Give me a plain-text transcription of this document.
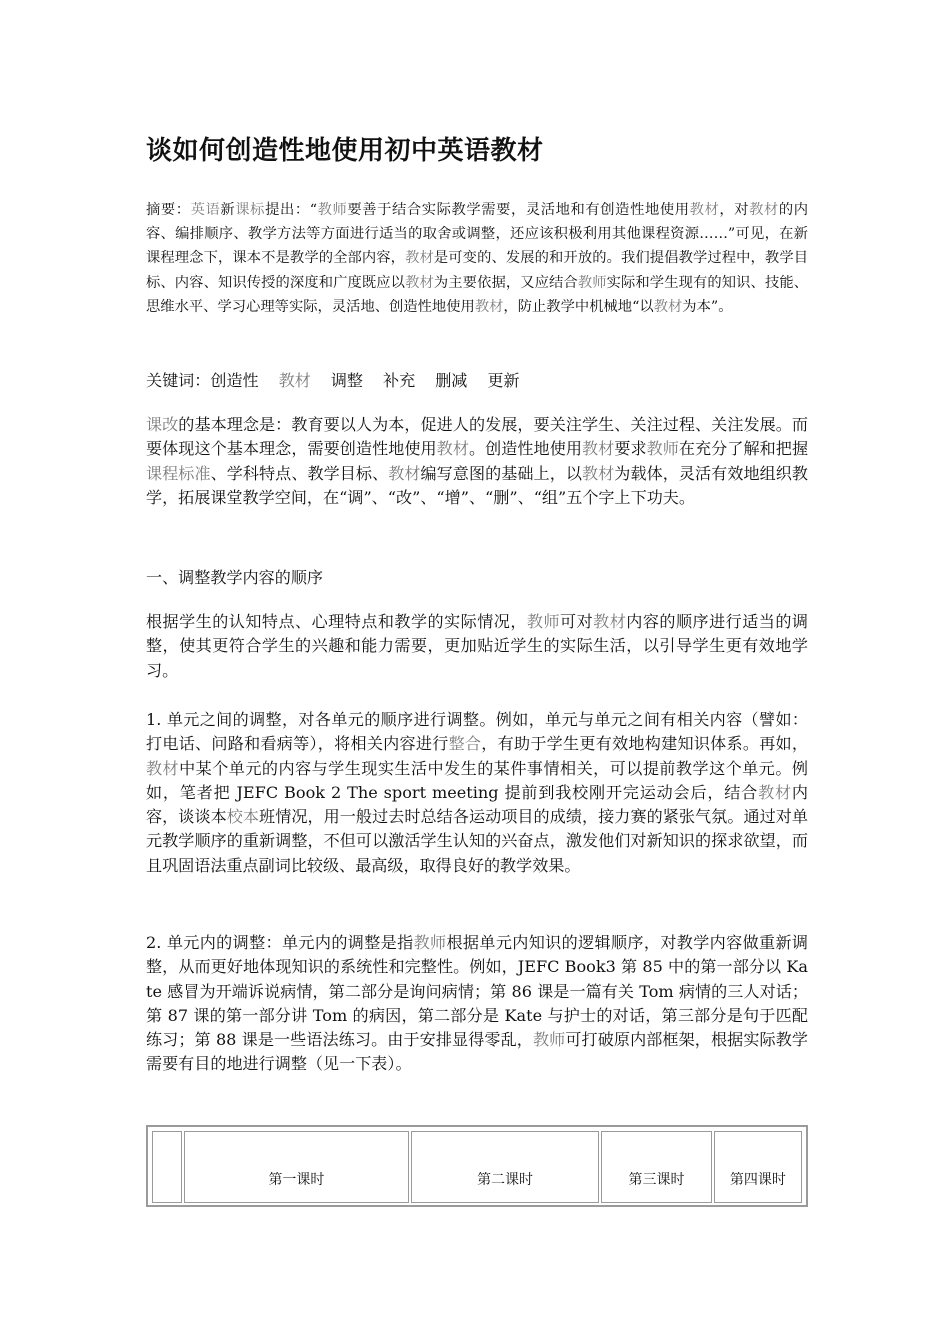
谈如何创造性地使用初中英语教材

摘要：英语新课标提出：“教师要善于结合实际教学需要，灵活地和有创造性地使用教材，对教材的内容、编排顺序、教学方法等方面进行适当的取舍或调整，还应该积极利用其他课程资源……”可见，在新课程理念下，课本不是教学的全部内容，教材是可变的、发展的和开放的。我们提倡教学过程中，教学目标、内容、知识传授的深度和广度既应以教材为主要依据，又应结合教师实际和学生现有的知识、技能、思维水平、学习心理等实际，灵活地、创造性地使用教材，防止教学中机械地“以教材为本”。

关键词：创造性 教材 调整 补充 删减 更新

课改的基本理念是：教育要以人为本，促进人的发展，要关注学生、关注过程、关注发展。而要体现这个基本理念，需要创造性地使用教材。创造性地使用教材要求教师在充分了解和把握课程标准、学科特点、教学目标、教材编写意图的基础上，以教材为载体，灵活有效地组织教学，拓展课堂教学空间，在“调”、“改”、“增”、“删”、“组”五个字上下功夫。

一、调整教学内容的顺序

根据学生的认知特点、心理特点和教学的实际情况，教师可对教材内容的顺序进行适当的调整，使其更符合学生的兴趣和能力需要，更加贴近学生的实际生活，以引导学生更有效地学习。

1. 单元之间的调整，对各单元的顺序进行调整。例如，单元与单元之间有相关内容（譬如：打电话、问路和看病等），将相关内容进行整合，有助于学生更有效地构建知识体系。再如，教材中某个单元的内容与学生现实生活中发生的某件事情相关，可以提前教学这个单元。例如，笔者把 JEFC Book 2 The sport meeting 提前到我校刚开完运动会后，结合教材内容，谈谈本校本班情况，用一般过去时总结各运动项目的成绩，接力赛的紧张气氛。通过对单元教学顺序的重新调整，不但可以激活学生认知的兴奋点，激发他们对新知识的探求欲望，而且巩固语法重点副词比较级、最高级，取得良好的教学效果。

2. 单元内的调整：单元内的调整是指教师根据单元内知识的逻辑顺序，对教学内容做重新调整，从而更好地体现知识的系统性和完整性。例如，JEFC Book3 第 85 中的第一部分以 Kate 感冒为开端诉说病情，第二部分是询问病情；第 86 课是一篇有关 Tom 病情的三人对话；第 87 课的第一部分讲 Tom 的病因，第二部分是 Kate 与护士的对话，第三部分是句于匹配练习；第 88 课是一些语法练习。由于安排显得零乱，教师可打破原内部框架，根据实际教学需要有目的地进行调整（见一下表）。

	第一课时	第二课时	第三课时	第四课时
